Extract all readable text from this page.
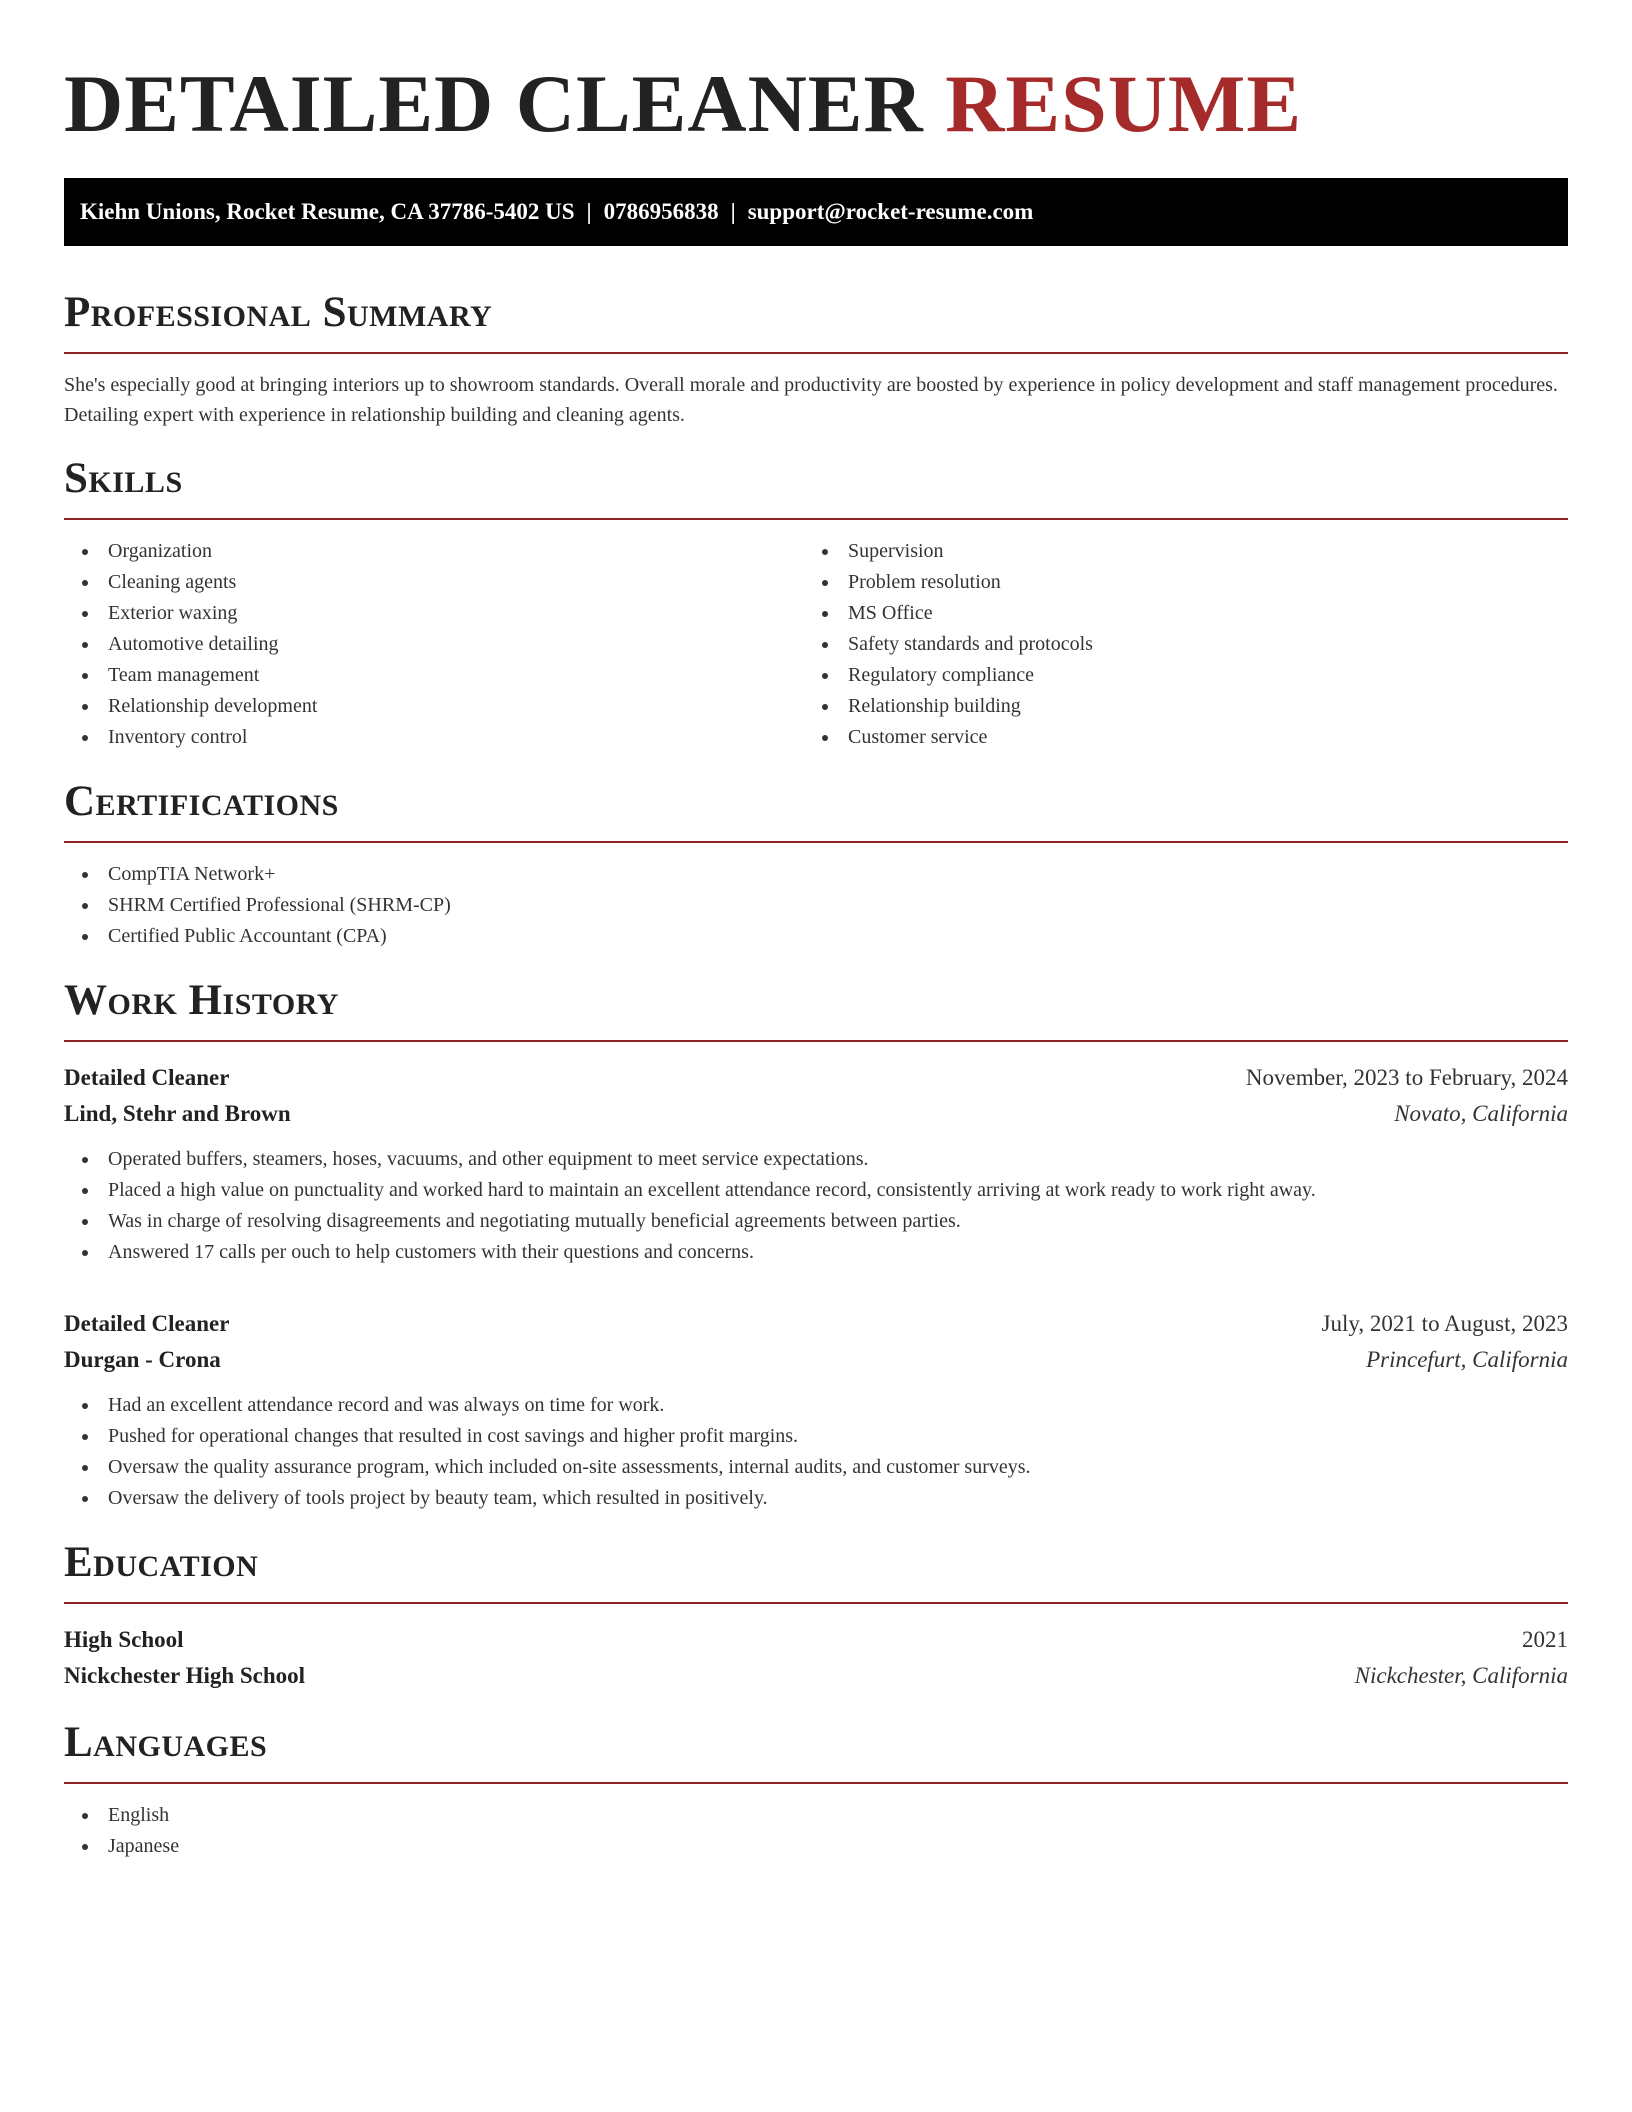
DETAILED CLEANER RESUME
Kiehn Unions, Rocket Resume, CA 37786-5402 US | 0786956838 | support@rocket-resume.com
Professional Summary

She's especially good at bringing interiors up to showroom standards. Overall morale and productivity are boosted by experience in policy development and staff management procedures. Detailing expert with experience in relationship building and cleaning agents.

Skills
Organization
Cleaning agents
Exterior waxing
Automotive detailing
Team management
Relationship development
Inventory control
Supervision
Problem resolution
MS Office
Safety standards and protocols
Regulatory compliance
Relationship building
Customer service
Certifications
CompTIA Network+
SHRM Certified Professional (SHRM-CP)
Certified Public Accountant (CPA)
Work History
Detailed Cleaner	November, 2023 to February, 2024
Lind, Stehr and Brown	Novato, California
Operated buffers, steamers, hoses, vacuums, and other equipment to meet service expectations.
Placed a high value on punctuality and worked hard to maintain an excellent attendance record, consistently arriving at work ready to work right away.
Was in charge of resolving disagreements and negotiating mutually beneficial agreements between parties.
Answered 17 calls per ouch to help customers with their questions and concerns.
Detailed Cleaner	July, 2021 to August, 2023
Durgan - Crona	Princefurt, California
Had an excellent attendance record and was always on time for work.
Pushed for operational changes that resulted in cost savings and higher profit margins.
Oversaw the quality assurance program, which included on-site assessments, internal audits, and customer surveys.
Oversaw the delivery of tools project by beauty team, which resulted in positively.
Education
High School	2021
Nickchester High School	Nickchester, California
Languages
English
Japanese
